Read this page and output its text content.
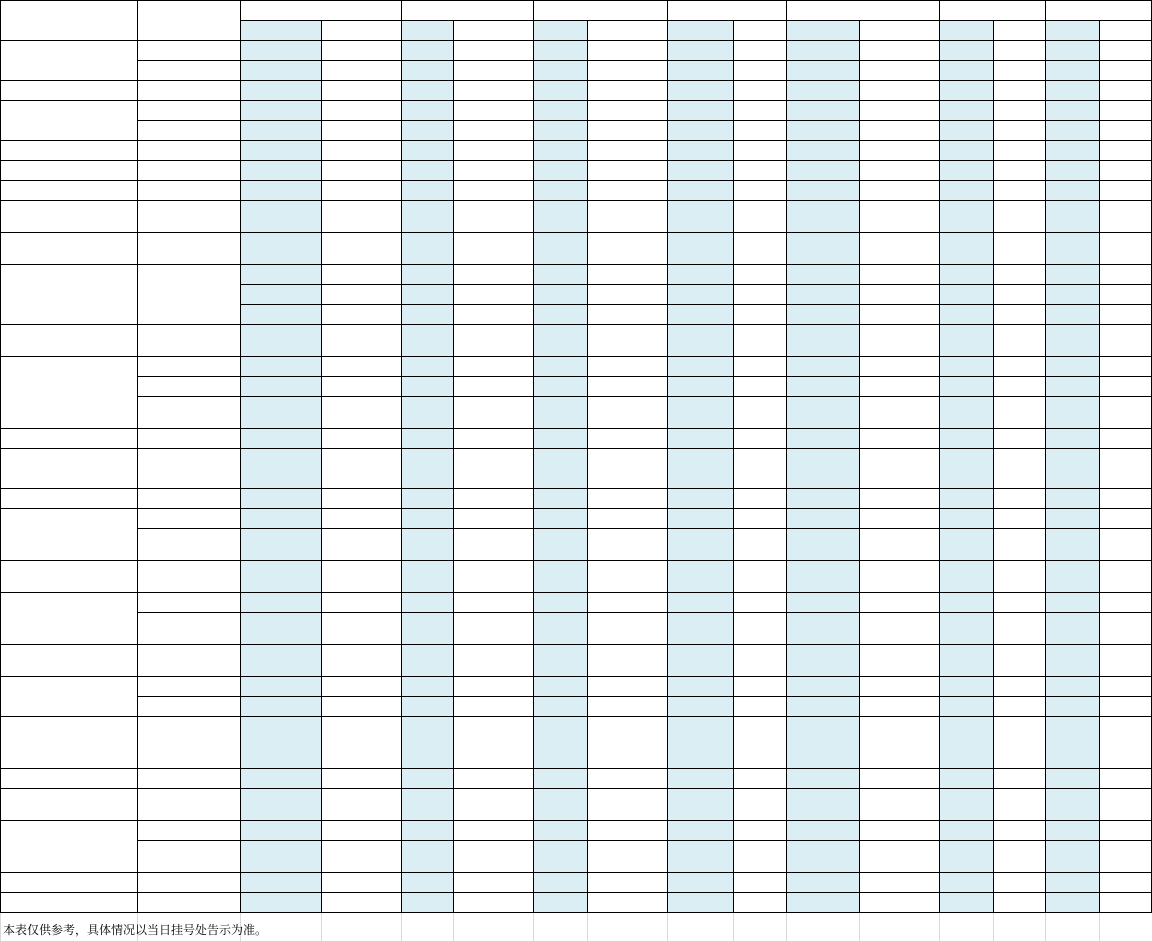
本表仅供参考，具体情况以当日挂号处告示为准。
